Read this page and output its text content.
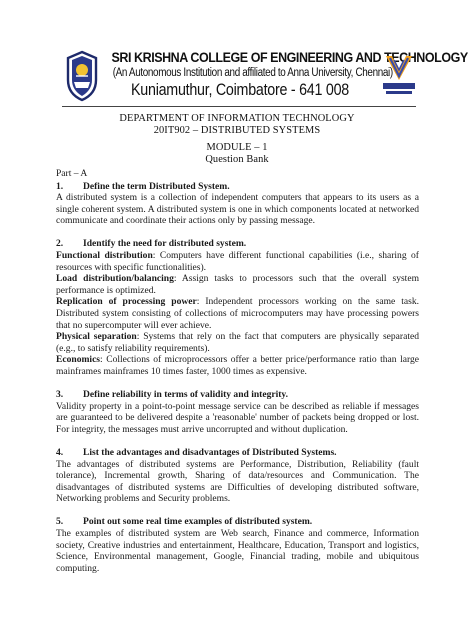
SRI KRISHNA COLLEGE OF ENGINEERING AND TECHNOLOGY
(An Autonomous Institution and affiliated to Anna University, Chennai)
Kuniamuthur, Coimbatore - 641 008
DEPARTMENT OF INFORMATION TECHNOLOGY
20IT902 – DISTRIBUTED SYSTEMS
MODULE – 1
Question Bank

Part – A

1. Define the term Distributed System.

A distributed system is a collection of independent computers that appears to its users as a single coherent system. A distributed system is one in which components located at networked communicate and coordinate their actions only by passing message.

2. Identify the need for distributed system.

Functional distribution: Computers have different functional capabilities (i.e., sharing of resources with specific functionalities).

Load distribution/balancing: Assign tasks to processors such that the overall system performance is optimized.

Replication of processing power: Independent processors working on the same task. Distributed system consisting of collections of microcomputers may have processing powers that no supercomputer will ever achieve.

Physical separation: Systems that rely on the fact that computers are physically separated (e.g., to satisfy reliability requirements).

Economics: Collections of microprocessors offer a better price/performance ratio than large mainframes mainframes 10 times faster, 1000 times as expensive.

3. Define reliability in terms of validity and integrity.

Validity property in a point-to-point message service can be described as reliable if messages are guaranteed to be delivered despite a 'reasonable' number of packets being dropped or lost. For integrity, the messages must arrive uncorrupted and without duplication.

4. List the advantages and disadvantages of Distributed Systems.

The advantages of distributed systems are Performance, Distribution, Reliability (fault tolerance), Incremental growth, Sharing of data/resources and Communication. The disadvantages of distributed systems are Difficulties of developing distributed software, Networking problems and Security problems.

5. Point out some real time examples of distributed system.

The examples of distributed system are Web search, Finance and commerce, Information society, Creative industries and entertainment, Healthcare, Education, Transport and logistics, Science, Environmental management, Google, Financial trading, mobile and ubiquitous computing.
